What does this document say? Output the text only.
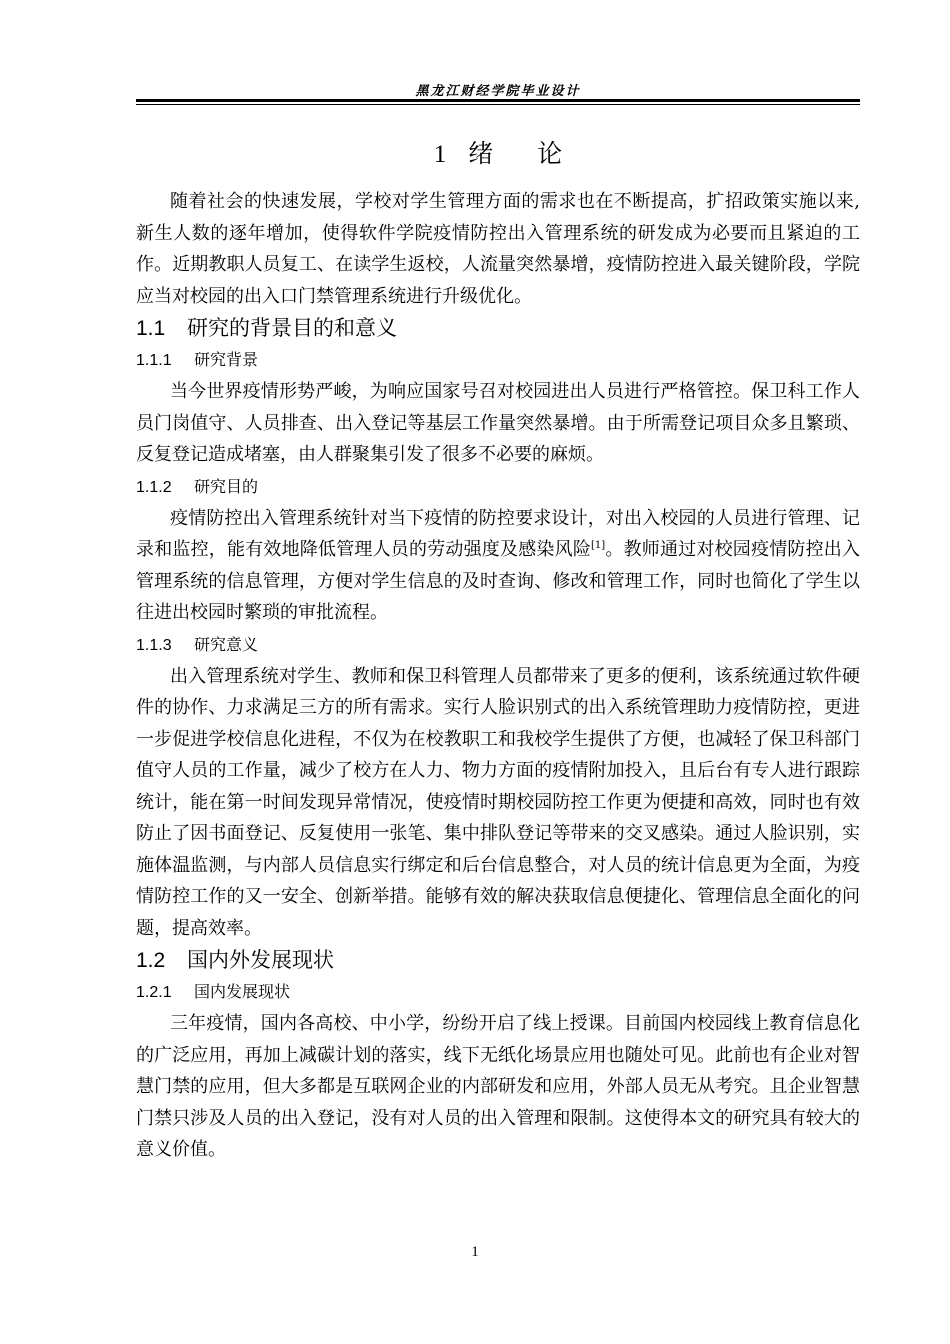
黑龙江财经学院毕业设计
1 绪 论

随着社会的快速发展，学校对学生管理方面的需求也在不断提高，扩招政策实施以来, 新生人数的逐年增加，使得软件学院疫情防控出入管理系统的研发成为必要而且紧迫的工作。近期教职人员复工、在读学生返校，人流量突然暴增，疫情防控进入最关键阶段，学院应当对校园的出入口门禁管理系统进行升级优化。

1.1 研究的背景目的和意义
1.1.1 研究背景

当今世界疫情形势严峻，为响应国家号召对校园进出人员进行严格管控。保卫科工作人员门岗值守、人员排查、出入登记等基层工作量突然暴增。由于所需登记项目众多且繁琐、反复登记造成堵塞，由人群聚集引发了很多不必要的麻烦。

1.1.2 研究目的

疫情防控出入管理系统针对当下疫情的防控要求设计，对出入校园的人员进行管理、记录和监控，能有效地降低管理人员的劳动强度及感染风险[1]。教师通过对校园疫情防控出入管理系统的信息管理，方便对学生信息的及时查询、修改和管理工作，同时也简化了学生以往进出校园时繁琐的审批流程。

1.1.3 研究意义

出入管理系统对学生、教师和保卫科管理人员都带来了更多的便利，该系统通过软件硬件的协作、力求满足三方的所有需求。实行人脸识别式的出入系统管理助力疫情防控，更进一步促进学校信息化进程，不仅为在校教职工和我校学生提供了方便，也减轻了保卫科部门值守人员的工作量，减少了校方在人力、物力方面的疫情附加投入，且后台有专人进行跟踪统计，能在第一时间发现异常情况，使疫情时期校园防控工作更为便捷和高效，同时也有效防止了因书面登记、反复使用一张笔、集中排队登记等带来的交叉感染。通过人脸识别，实施体温监测，与内部人员信息实行绑定和后台信息整合，对人员的统计信息更为全面，为疫情防控工作的又一安全、创新举措。能够有效的解决获取信息便捷化、管理信息全面化的问题，提高效率。

1.2 国内外发展现状
1.2.1 国内发展现状

三年疫情，国内各高校、中小学，纷纷开启了线上授课。目前国内校园线上教育信息化的广泛应用，再加上减碳计划的落实，线下无纸化场景应用也随处可见。此前也有企业对智慧门禁的应用，但大多都是互联网企业的内部研发和应用，外部人员无从考究。且企业智慧门禁只涉及人员的出入登记，没有对人员的出入管理和限制。这使得本文的研究具有较大的意义价值。

1
